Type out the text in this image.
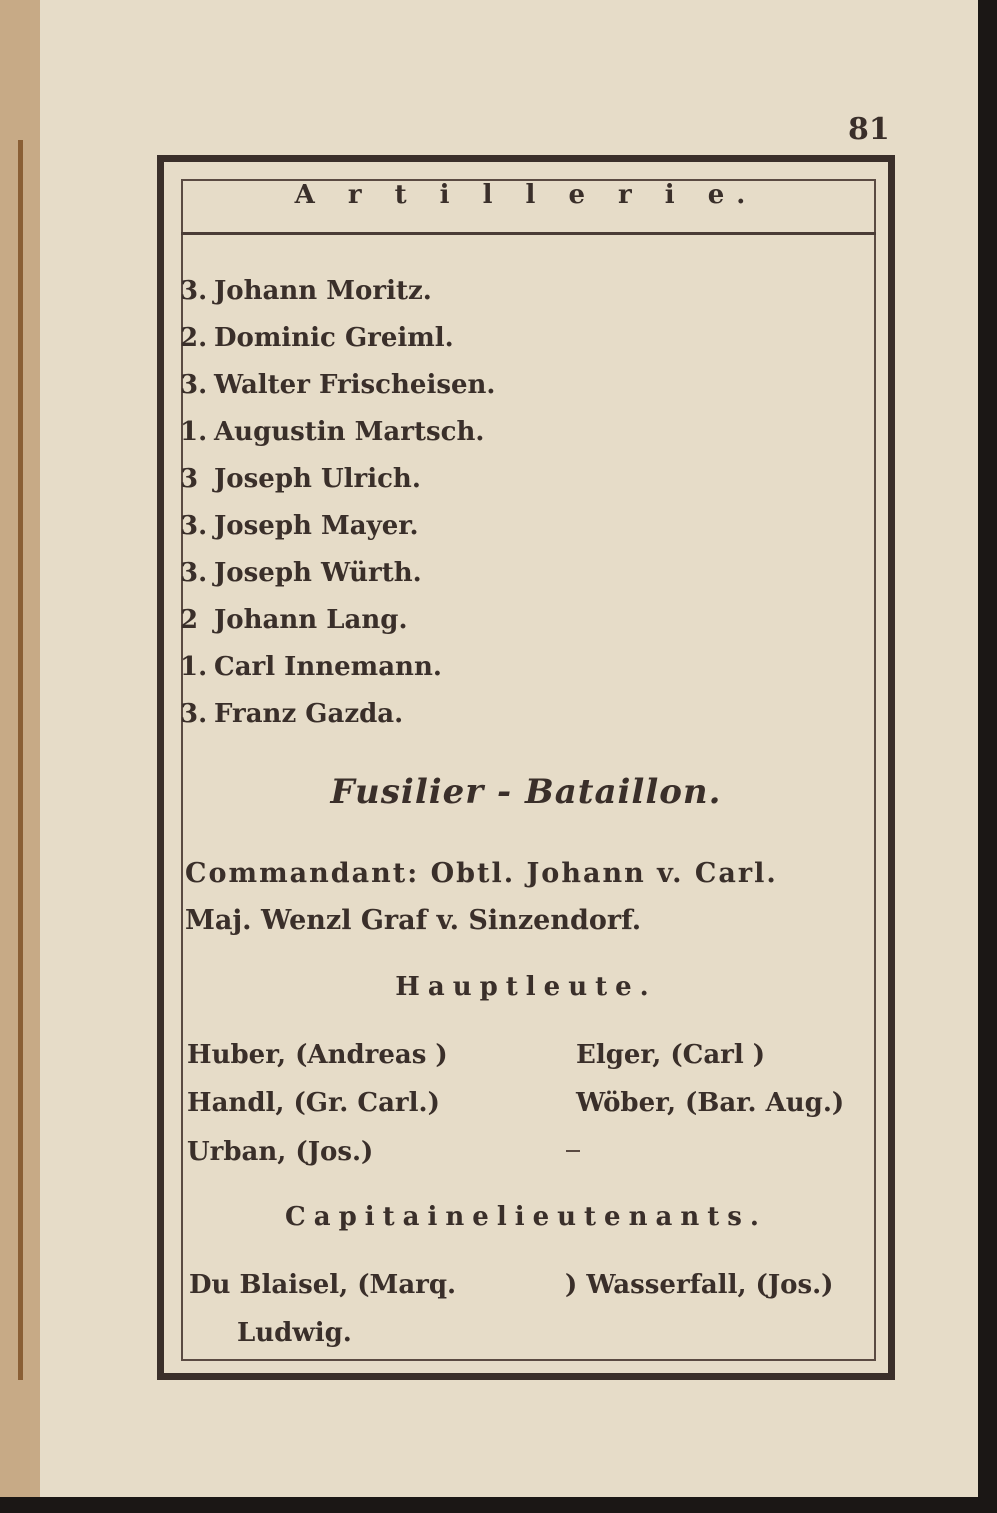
81
A r t i l l e r i e.
3. Johann Moritz.
2. Dominic Greiml.
3. Walter Frischeisen.
1. Augustin Martsch.
3 Joseph Ulrich.
3. Joseph Mayer.
3. Joseph Würth.
2 Johann Lang.
1. Carl Innemann.
3. Franz Gazda.
Fusilier - Bataillon.
Commandant: Obtl. Johann v. Carl.
Maj. Wenzl Graf v. Sinzendorf.
Hauptleute.
Huber, (Andreas )
Handl, (Gr. Carl.)
Urban, (Jos.)
Elger, (Carl )
Wöber, (Bar. Aug.)
Capitainelieutenants.
Du Blaisel, (Marq.	) Wasserfall, (Jos.)
Ludwig.
